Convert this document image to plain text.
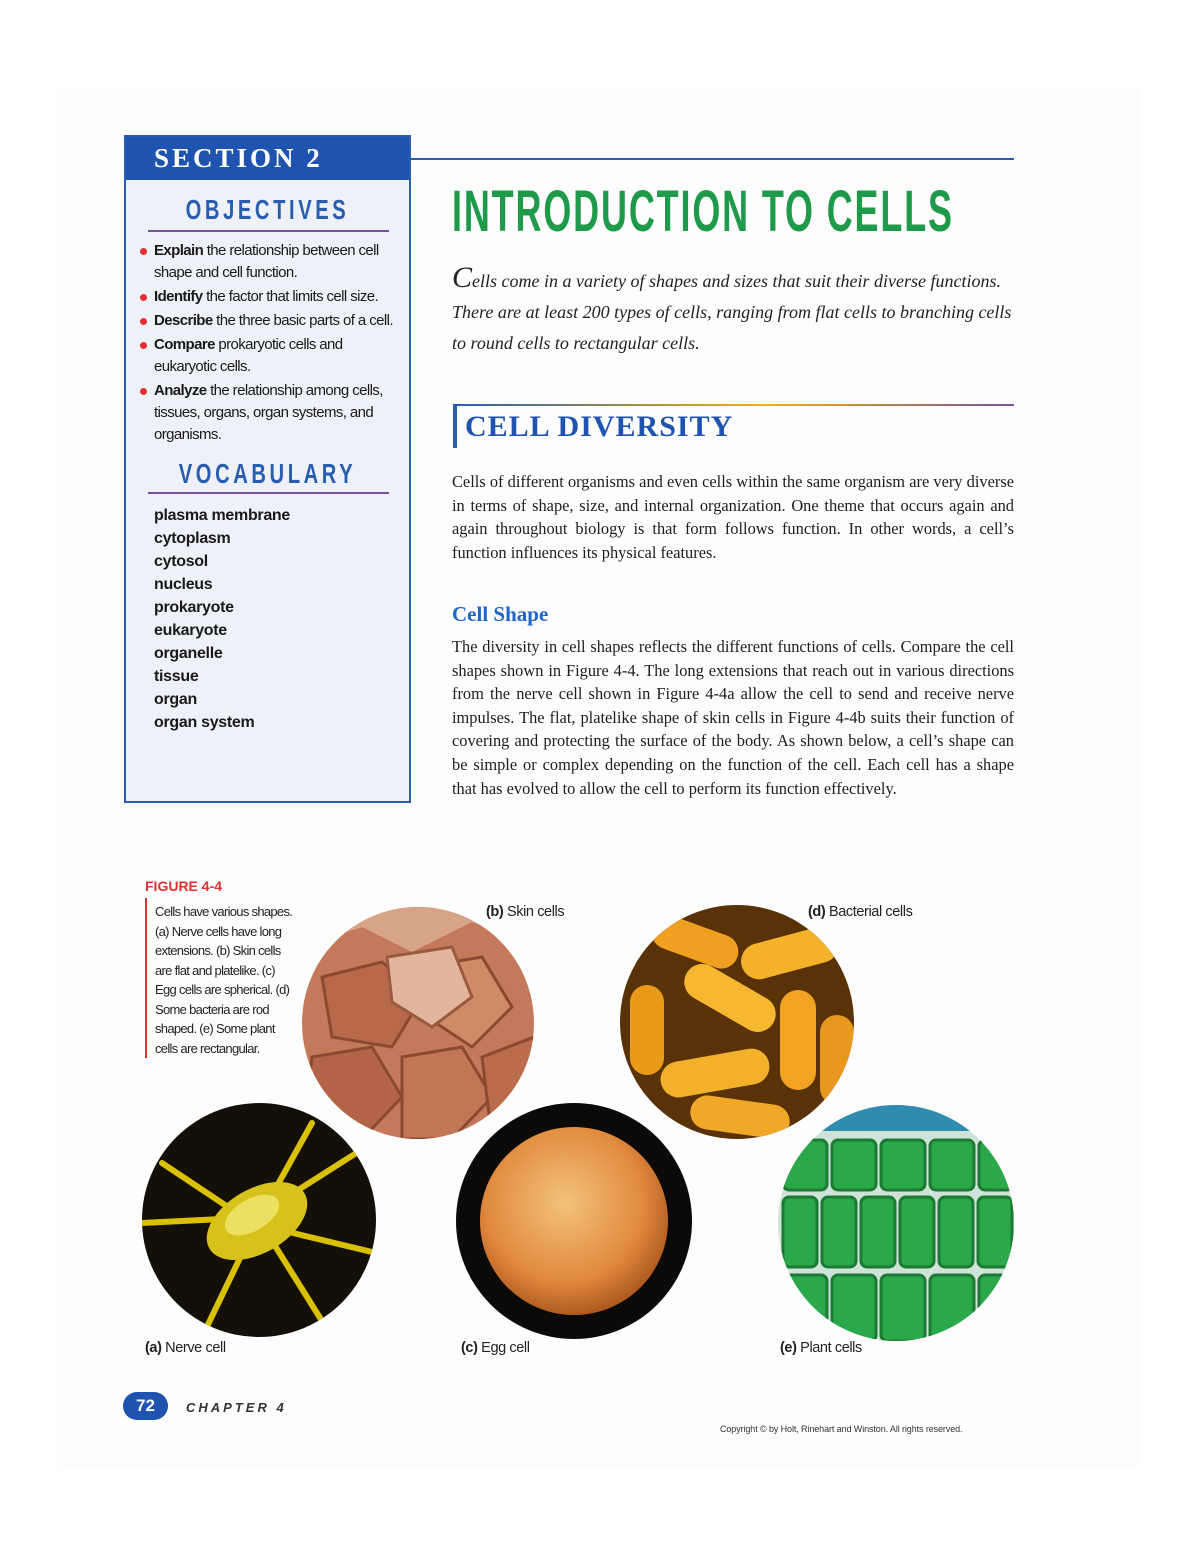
SECTION 2
OBJECTIVES
Explain the relationship between cell shape and cell function.
Identify the factor that limits cell size.
Describe the three basic parts of a cell.
Compare prokaryotic cells and eukaryotic cells.
Analyze the relationship among cells, tissues, organs, organ systems, and organisms.
VOCABULARY
plasma membrane
cytoplasm
cytosol
nucleus
prokaryote
eukaryote
organelle
tissue
organ
organ system
INTRODUCTION TO CELLS

Cells come in a variety of shapes and sizes that suit their diverse functions. There are at least 200 types of cells, ranging from flat cells to branching cells to round cells to rectangular cells.

CELL DIVERSITY

Cells of different organisms and even cells within the same organism are very diverse in terms of shape, size, and internal organization. One theme that occurs again and again throughout biology is that form follows function. In other words, a cell’s function influences its physical features.

Cell Shape

The diversity in cell shapes reflects the different functions of cells. Compare the cell shapes shown in Figure 4-4. The long extensions that reach out in various directions from the nerve cell shown in Figure 4-4a allow the cell to send and receive nerve impulses. The flat, platelike shape of skin cells in Figure 4-4b suits their function of covering and protecting the surface of the body. As shown below, a cell’s shape can be simple or complex depending on the function of the cell. Each cell has a shape that has evolved to allow the cell to perform its function effectively.

FIGURE 4-4
Cells have various shapes. (a) Nerve cells have long extensions. (b) Skin cells are flat and platelike. (c) Egg cells are spherical. (d) Some bacteria are rod shaped. (e) Some plant cells are rectangular.
(a) Nerve cell
(b) Skin cells
(c) Egg cell
(d) Bacterial cells
(e) Plant cells
72	CHAPTER 4
Copyright © by Holt, Rinehart and Winston. All rights reserved.
